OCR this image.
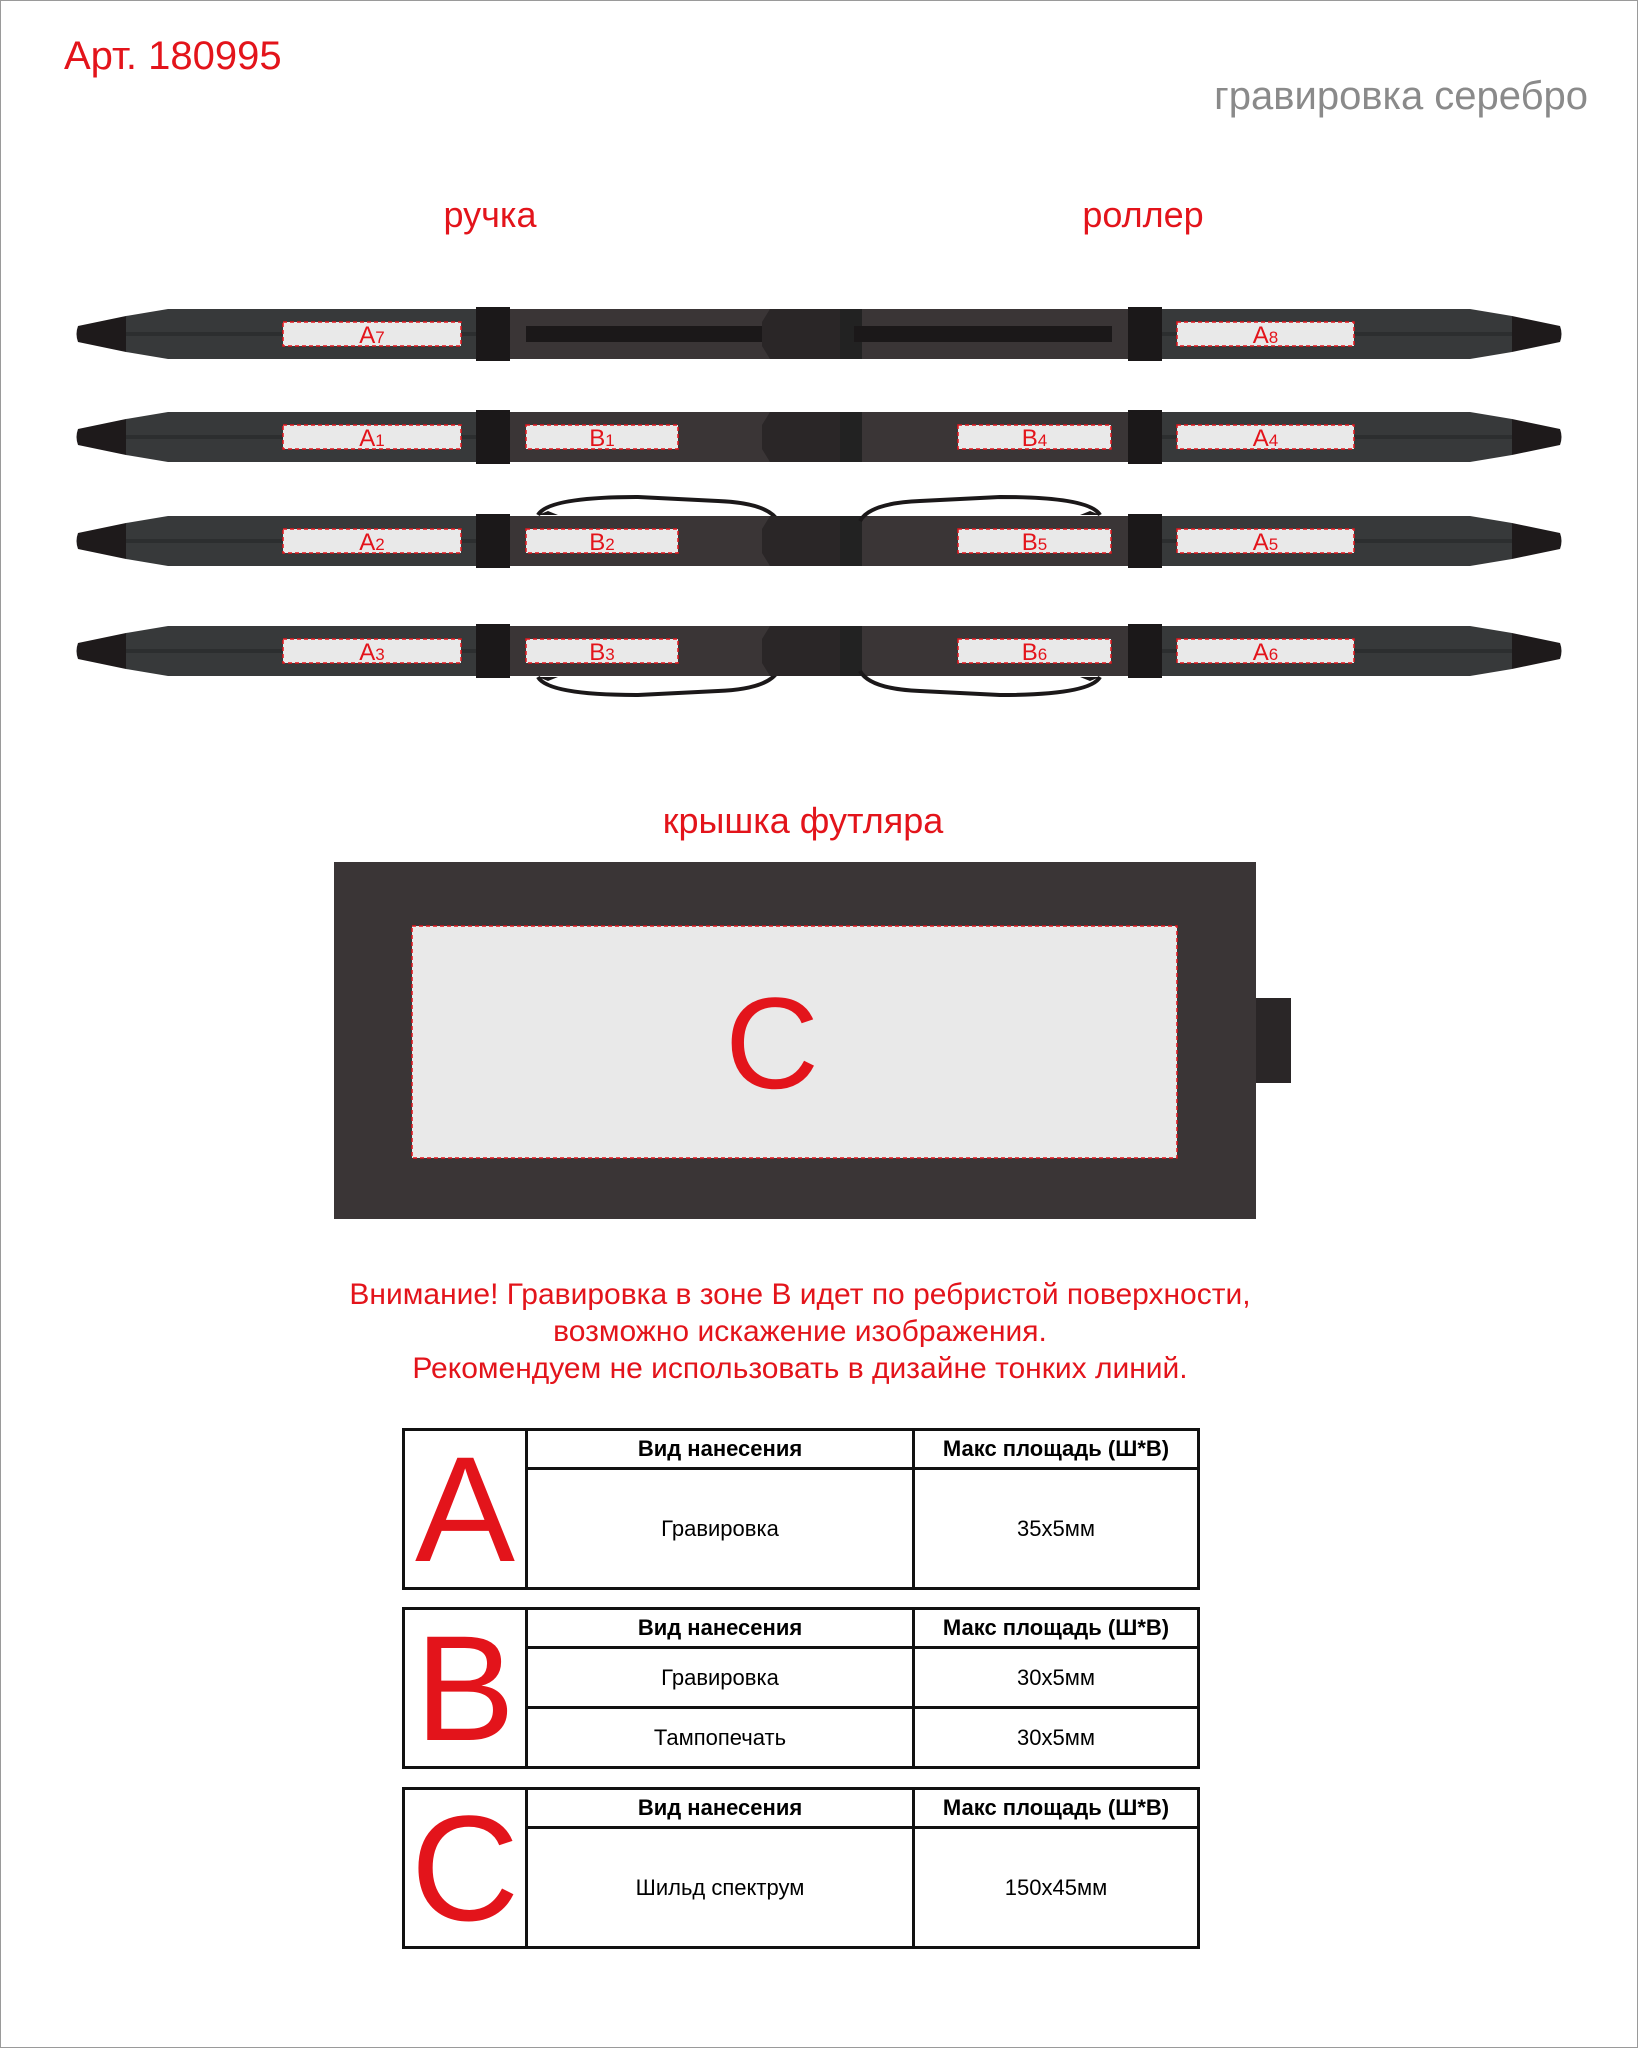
Арт. 180995
гравировка серебро
ручка	роллер
крышка футляра
A7	A8
A1	B1	B4	A4
A2	B2	B5	A5
A3	B3	B6	A6
C
Внимание! Гравировка в зоне В идет по ребристой поверхности,
возможно искажение изображения.
Рекомендуем не использовать в дизайне тонких линий.
A	Вид нанесения	Макс площадь (Ш*В)
	Гравировка	35x5мм
B	Вид нанесения	Макс площадь (Ш*В)
	Гравировка	30x5мм
	Тампопечать	30x5мм
C	Вид нанесения	Макс площадь (Ш*В)
	Шильд спектрум	150x45мм
